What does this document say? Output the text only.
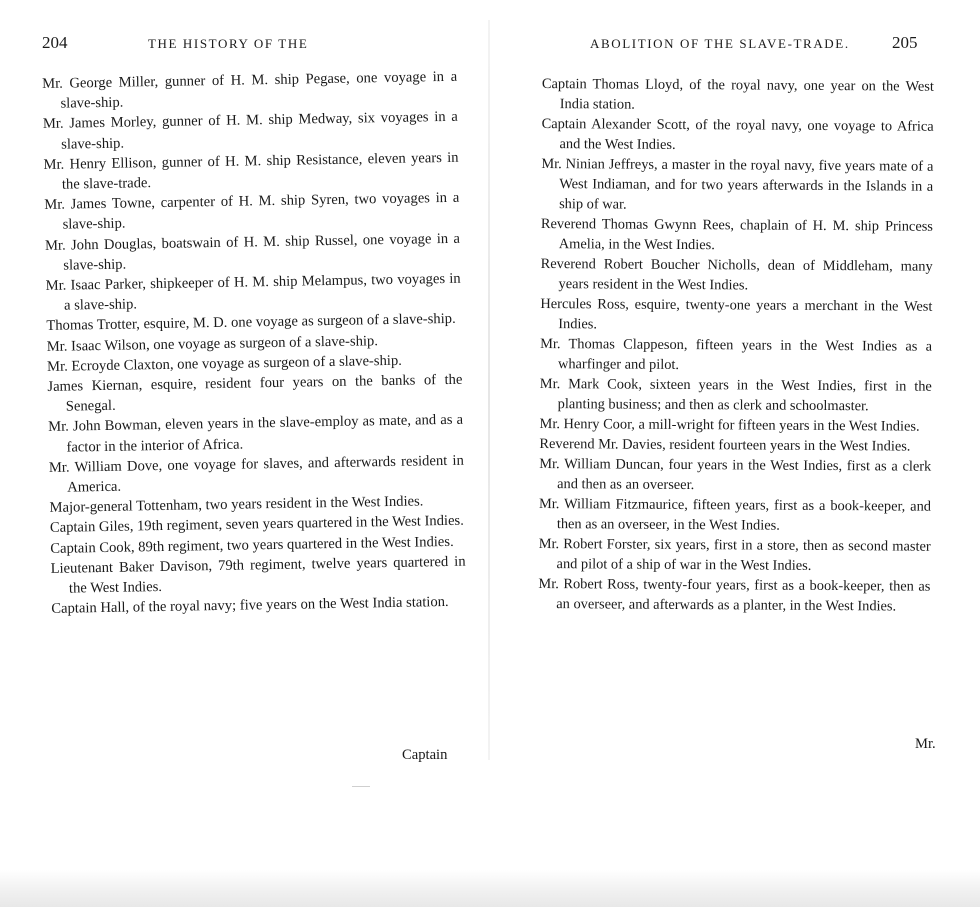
204	THE HISTORY OF THE

Mr. George Miller, gunner of H. M. ship Pegase, one voyage in a slave-ship.

Mr. James Morley, gunner of H. M. ship Medway, six voyages in a slave-ship.

Mr. Henry Ellison, gunner of H. M. ship Resistance, eleven years in the slave-trade.

Mr. James Towne, carpenter of H. M. ship Syren, two voyages in a slave-ship.

Mr. John Douglas, boatswain of H. M. ship Russel, one voyage in a slave-ship.

Mr. Isaac Parker, shipkeeper of H. M. ship Melampus, two voyages in a slave-ship.

Thomas Trotter, esquire, M. D. one voyage as surgeon of a slave-ship.

Mr. Isaac Wilson, one voyage as surgeon of a slave-ship.

Mr. Ecroyde Claxton, one voyage as surgeon of a slave-ship.

James Kiernan, esquire, resident four years on the banks of the Senegal.

Mr. John Bowman, eleven years in the slave-employ as mate, and as a factor in the interior of Africa.

Mr. William Dove, one voyage for slaves, and afterwards resident in America.

Major-general Tottenham, two years resident in the West Indies.

Captain Giles, 19th regiment, seven years quartered in the West Indies.

Captain Cook, 89th regiment, two years quartered in the West Indies.

Lieutenant Baker Davison, 79th regiment, twelve years quartered in the West Indies.

Captain Hall, of the royal navy; five years on the West India station.

Captain
ABOLITION OF THE SLAVE-TRADE. 205

Captain Thomas Lloyd, of the royal navy, one year on the West India station.

Captain Alexander Scott, of the royal navy, one voyage to Africa and the West Indies.

Mr. Ninian Jeffreys, a master in the royal navy, five years mate of a West Indiaman, and for two years afterwards in the Islands in a ship of war.

Reverend Thomas Gwynn Rees, chaplain of H. M. ship Princess Amelia, in the West Indies.

Reverend Robert Boucher Nicholls, dean of Middleham, many years resident in the West Indies.

Hercules Ross, esquire, twenty-one years a merchant in the West Indies.

Mr. Thomas Clappeson, fifteen years in the West Indies as a wharfinger and pilot.

Mr. Mark Cook, sixteen years in the West Indies, first in the planting business; and then as clerk and schoolmaster.

Mr. Henry Coor, a mill-wright for fifteen years in the West Indies.

Reverend Mr. Davies, resident fourteen years in the West Indies.

Mr. William Duncan, four years in the West Indies, first as a clerk and then as an overseer.

Mr. William Fitzmaurice, fifteen years, first as a book-keeper, and then as an overseer, in the West Indies.

Mr. Robert Forster, six years, first in a store, then as second master and pilot of a ship of war in the West Indies.

Mr. Robert Ross, twenty-four years, first as a book-keeper, then as an overseer, and afterwards as a planter, in the West Indies.

Mr.
